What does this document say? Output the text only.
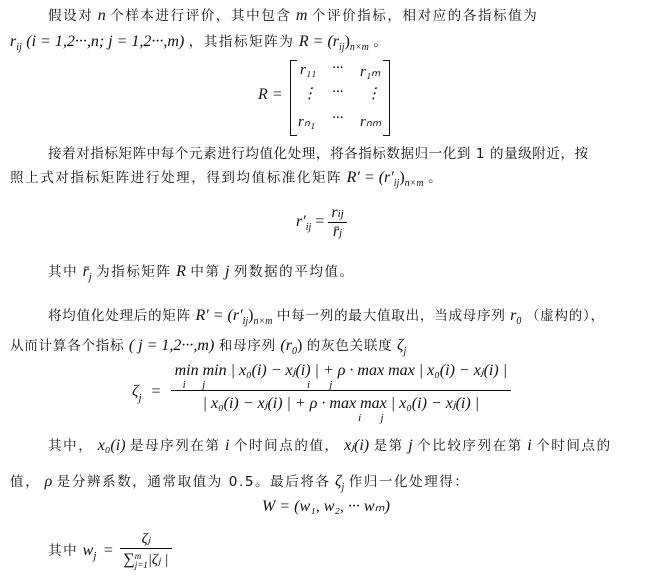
假设对 n 个样本进行评价，其中包含 m 个评价指标，相对应的各指标值为
$r_{ij}$ (i = 1,2···,n; j = 1,2···,m) ，其指标矩阵为 $R = (r_{ij})_{n\times m}$ 。
R =
r₁₁ ··· r₁ₘ
⋮ ··· ⋮
rₙ₁ ··· rₙₘ
接着对指标矩阵中每个元素进行均值化处理，将各指标数据归一化到 1 的量级附近，按
照上式对指标矩阵进行处理，得到均值标准化矩阵 $R' = (r'_{ij})_{n\times m}$ 。
$r'_{ij} = \frac{\text{rij}}{r̄j}$
其中 $r̄_j$ 为指标矩阵 R 中第 j 列数据的平均值。
将均值化处理后的矩阵 $R' = (r'_{ij})_{n\times m}$ 中每一列的最大值取出，当成母序列 $r_0$ （虚构的），
从而计算各个指标 ( j = 1,2···,m) 和母序列 $(r_0)$ 的灰色关联度 $\zeta_j$
ζj =
min min | x₀(i) − xⱼ(i) | + ρ · max max | x₀(i) − xⱼ(i) |
i      j                                     i       j
| x₀(i) − xⱼ(i) | + ρ · max max | x₀(i) − xⱼ(i) |
i       j
其中， x₀(i) 是母序列在第 i 个时间点的值， xⱼ(i) 是第 j 个比较序列在第 i 个时间点的
值， ρ 是分辨系数，通常取值为 0.5。最后将各 $\zeta_j$ 作归一化处理得：
W = (w₁, w₂, ··· wₘ)
其中 wj = ζⱼ
∑ m
j=1 |ζⱼ |
